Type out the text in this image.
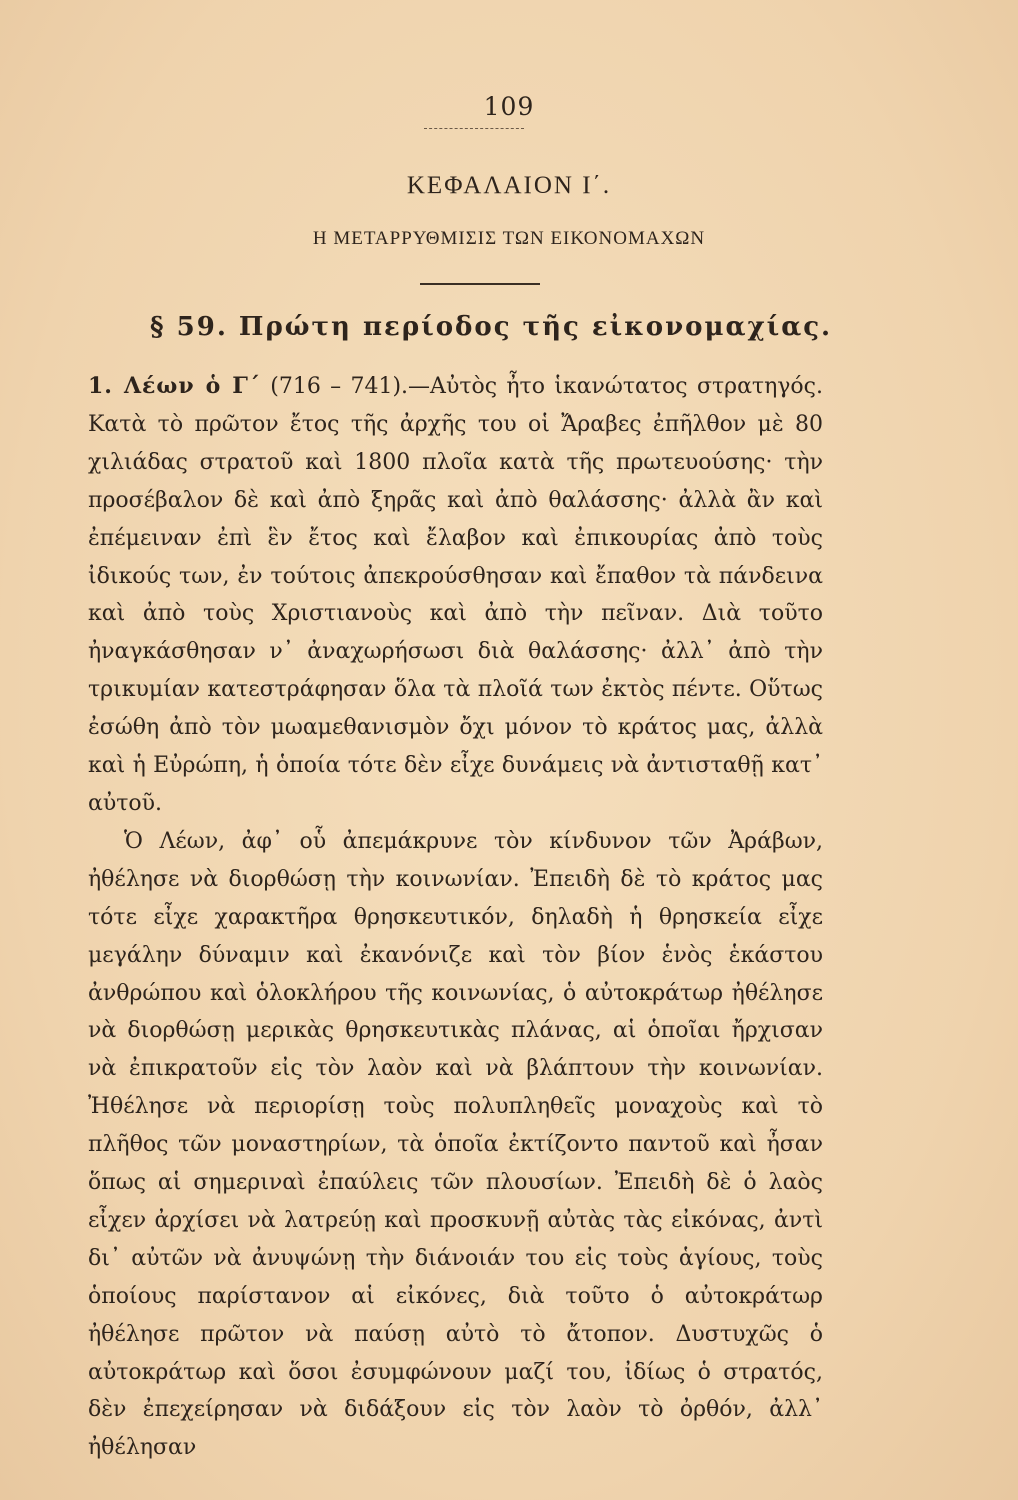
109
ΚΕΦΑΛΑΙΟΝ Ι΄.
Η ΜΕΤΑΡΡΥΘΜΙΣΙΣ ΤΩΝ ΕΙΚΟΝΟΜΑΧΩΝ
§ 59. Πρώτη περίοδος τῆς εἰκονομαχίας.

1. Λέων ὁ Γ΄ (716 – 741).—Αὐτὸς ἦτο ἱκανώτατος στρατηγός. Κατὰ τὸ πρῶτον ἔτος τῆς ἀρχῆς του οἱ Ἄραβες ἐπῆλθον μὲ 80 χιλιάδας στρατοῦ καὶ 1800 πλοῖα κατὰ τῆς πρωτευούσης· τὴν προσέβαλον δὲ καὶ ἀπὸ ξηρᾶς καὶ ἀπὸ θαλάσσης· ἀλλὰ ἂν καὶ ἐπέμειναν ἐπὶ ἓν ἔτος καὶ ἔλαβον καὶ ἐπικουρίας ἀπὸ τοὺς ἰδικούς των, ἐν τούτοις ἀπεκρούσθησαν καὶ ἔπαθον τὰ πάνδεινα καὶ ἀπὸ τοὺς Χριστιανοὺς καὶ ἀπὸ τὴν πεῖναν. Διὰ τοῦτο ἠναγκάσθησαν ν᾽ ἀναχωρήσωσι διὰ θαλάσσης· ἀλλ᾽ ἀπὸ τὴν τρικυμίαν κατεστράφησαν ὅλα τὰ πλοῖά των ἐκτὸς πέντε. Οὕτως ἐσώθη ἀπὸ τὸν μωαμεθανισμὸν ὄχι μόνον τὸ κράτος μας, ἀλλὰ καὶ ἡ Εὐρώπη, ἡ ὁποία τότε δὲν εἶχε δυνάμεις νὰ ἀντισταθῇ κατ᾽ αὐτοῦ.

Ὁ Λέων, ἀφ᾽ οὗ ἀπεμάκρυνε τὸν κίνδυνον τῶν Ἀράβων, ἠθέλησε νὰ διορθώσῃ τὴν κοινωνίαν. Ἐπειδὴ δὲ τὸ κράτος μας τότε εἶχε χαρακτῆρα θρησκευτικόν, δηλαδὴ ἡ θρησκεία εἶχε μεγάλην δύναμιν καὶ ἐκανόνιζε καὶ τὸν βίον ἑνὸς ἑκάστου ἀνθρώπου καὶ ὁλοκλήρου τῆς κοινωνίας, ὁ αὐτοκράτωρ ἠθέλησε νὰ διορθώσῃ μερικὰς θρησκευτικὰς πλάνας, αἱ ὁποῖαι ἤρχισαν νὰ ἐπικρατοῦν εἰς τὸν λαὸν καὶ νὰ βλάπτουν τὴν κοινωνίαν. Ἠθέλησε νὰ περιορίσῃ τοὺς πολυπληθεῖς μοναχοὺς καὶ τὸ πλῆθος τῶν μοναστηρίων, τὰ ὁποῖα ἐκτίζοντο παντοῦ καὶ ἦσαν ὅπως αἱ σημεριναὶ ἐπαύλεις τῶν πλουσίων. Ἐπειδὴ δὲ ὁ λαὸς εἶχεν ἀρχίσει νὰ λατρεύῃ καὶ προσκυνῇ αὐτὰς τὰς εἰκόνας, ἀντὶ δι᾽ αὐτῶν νὰ ἀνυψώνῃ τὴν διάνοιάν του εἰς τοὺς ἁγίους, τοὺς ὁποίους παρίστανον αἱ εἰκόνες, διὰ τοῦτο ὁ αὐτοκράτωρ ἠθέλησε πρῶτον νὰ παύσῃ αὐτὸ τὸ ἄτοπον. Δυστυχῶς ὁ αὐτοκράτωρ καὶ ὅσοι ἐσυμφώνουν μαζί του, ἰδίως ὁ στρατός, δὲν ἐπεχείρησαν νὰ διδάξουν εἰς τὸν λαὸν τὸ ὀρθόν, ἀλλ᾽ ἠθέλησαν
